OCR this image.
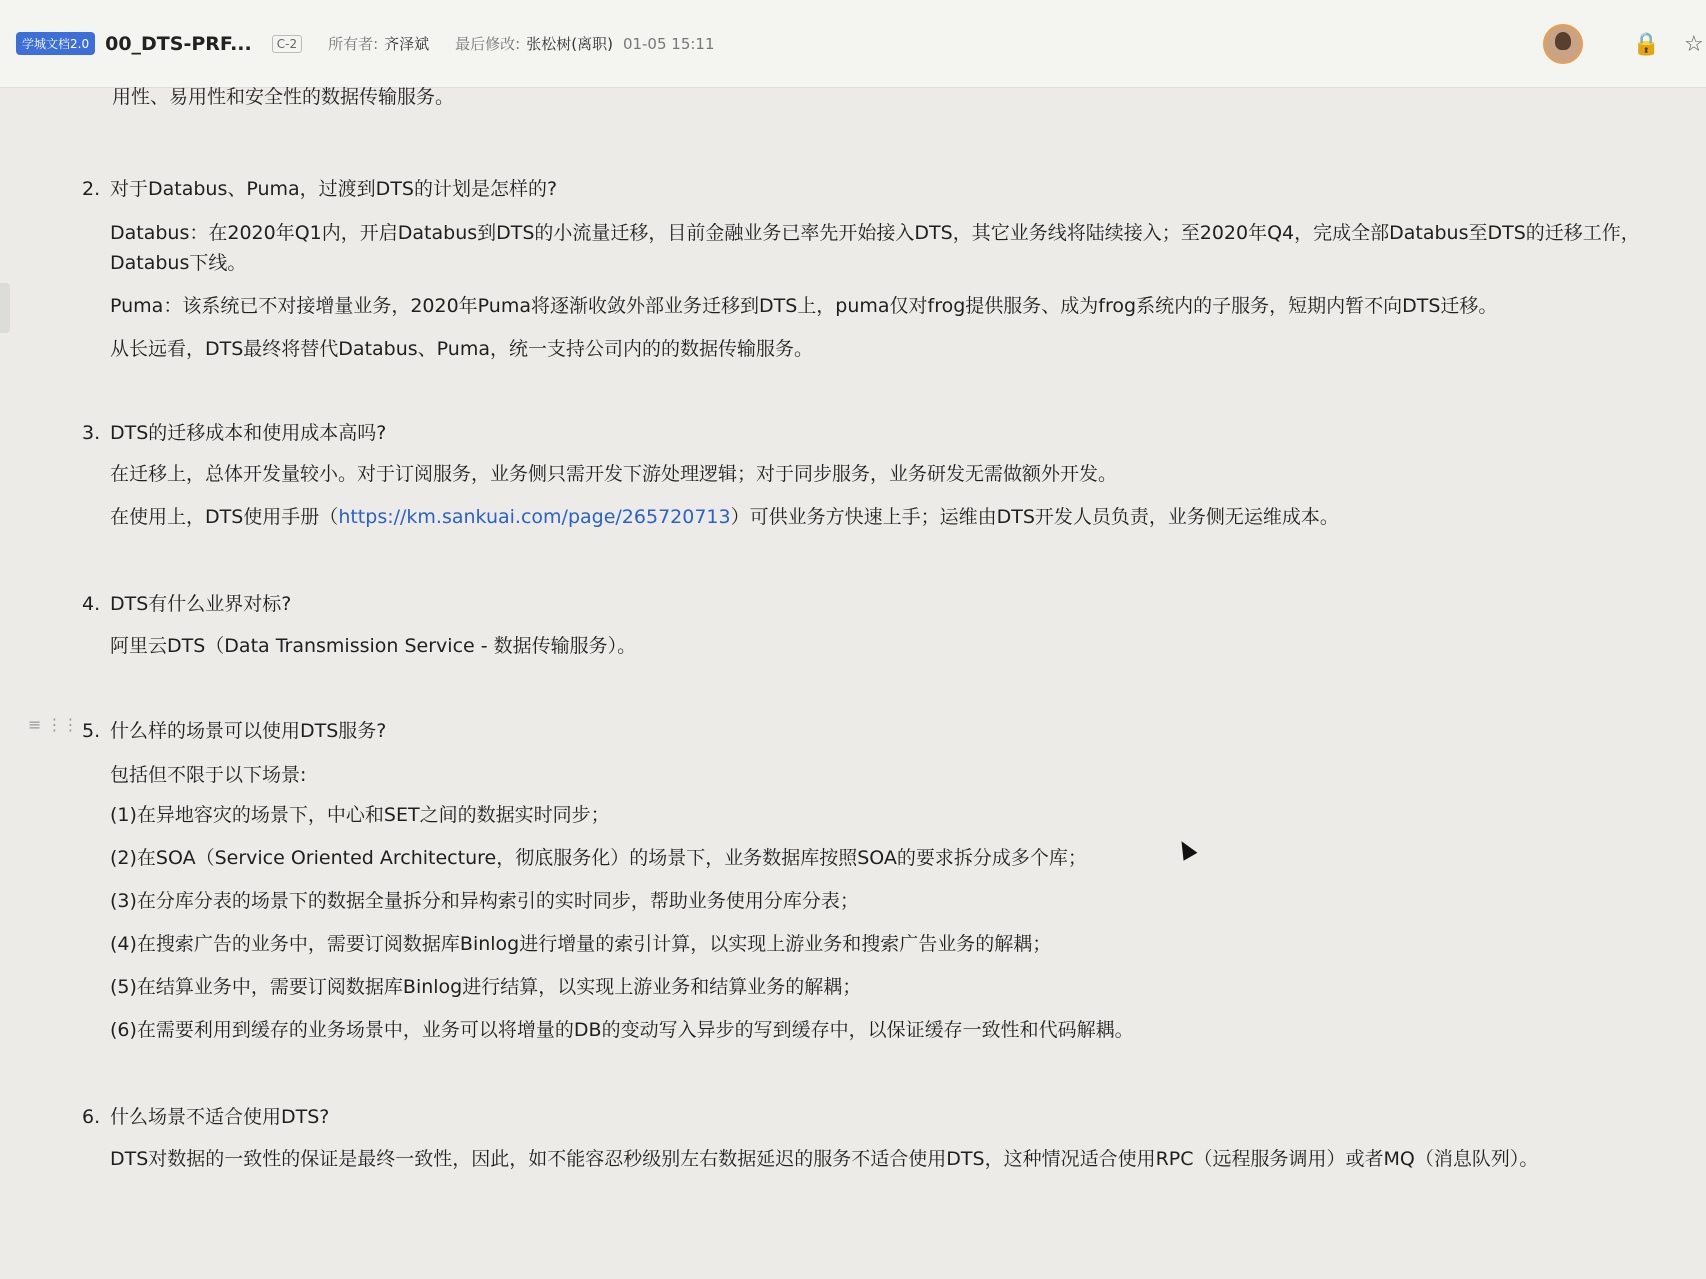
学城文档2.0 00_DTS-PRF...	C-2	所有者: 齐泽斌 最后修改: 张松树(离职) 01-05 15:11	🔒 ☆
用性、易用性和安全性的数据传输服务。
2. 对于Databus、Puma，过渡到DTS的计划是怎样的?
Databus：在2020年Q1内，开启Databus到DTS的小流量迁移，目前金融业务已率先开始接入DTS，其它业务线将陆续接入；至2020年Q4，完成全部Databus至DTS的迁移工作，
Databus下线。
Puma：该系统已不对接增量业务，2020年Puma将逐渐收敛外部业务迁移到DTS上，puma仅对frog提供服务、成为frog系统内的子服务，短期内暂不向DTS迁移。
从长远看，DTS最终将替代Databus、Puma，统一支持公司内的的数据传输服务。
3. DTS的迁移成本和使用成本高吗?
在迁移上，总体开发量较小。对于订阅服务，业务侧只需开发下游处理逻辑；对于同步服务，业务研发无需做额外开发。
在使用上，DTS使用手册（https://km.sankuai.com/page/265720713）可供业务方快速上手；运维由DTS开发人员负责，业务侧无运维成本。
≡ ⋮⋮
4. DTS有什么业界对标?
阿里云DTS（Data Transmission Service - 数据传输服务）。
5. 什么样的场景可以使用DTS服务?
包括但不限于以下场景:
(1)在异地容灾的场景下，中心和SET之间的数据实时同步；
(2)在SOA（Service Oriented Architecture，彻底服务化）的场景下，业务数据库按照SOA的要求拆分成多个库；
(3)在分库分表的场景下的数据全量拆分和异构索引的实时同步，帮助业务使用分库分表；
(4)在搜索广告的业务中，需要订阅数据库Binlog进行增量的索引计算，以实现上游业务和搜索广告业务的解耦；
(5)在结算业务中，需要订阅数据库Binlog进行结算，以实现上游业务和结算业务的解耦；
(6)在需要利用到缓存的业务场景中，业务可以将增量的DB的变动写入异步的写到缓存中，以保证缓存一致性和代码解耦。
6. 什么场景不适合使用DTS?
DTS对数据的一致性的保证是最终一致性，因此，如不能容忍秒级别左右数据延迟的服务不适合使用DTS，这种情况适合使用RPC（远程服务调用）或者MQ（消息队列）。
